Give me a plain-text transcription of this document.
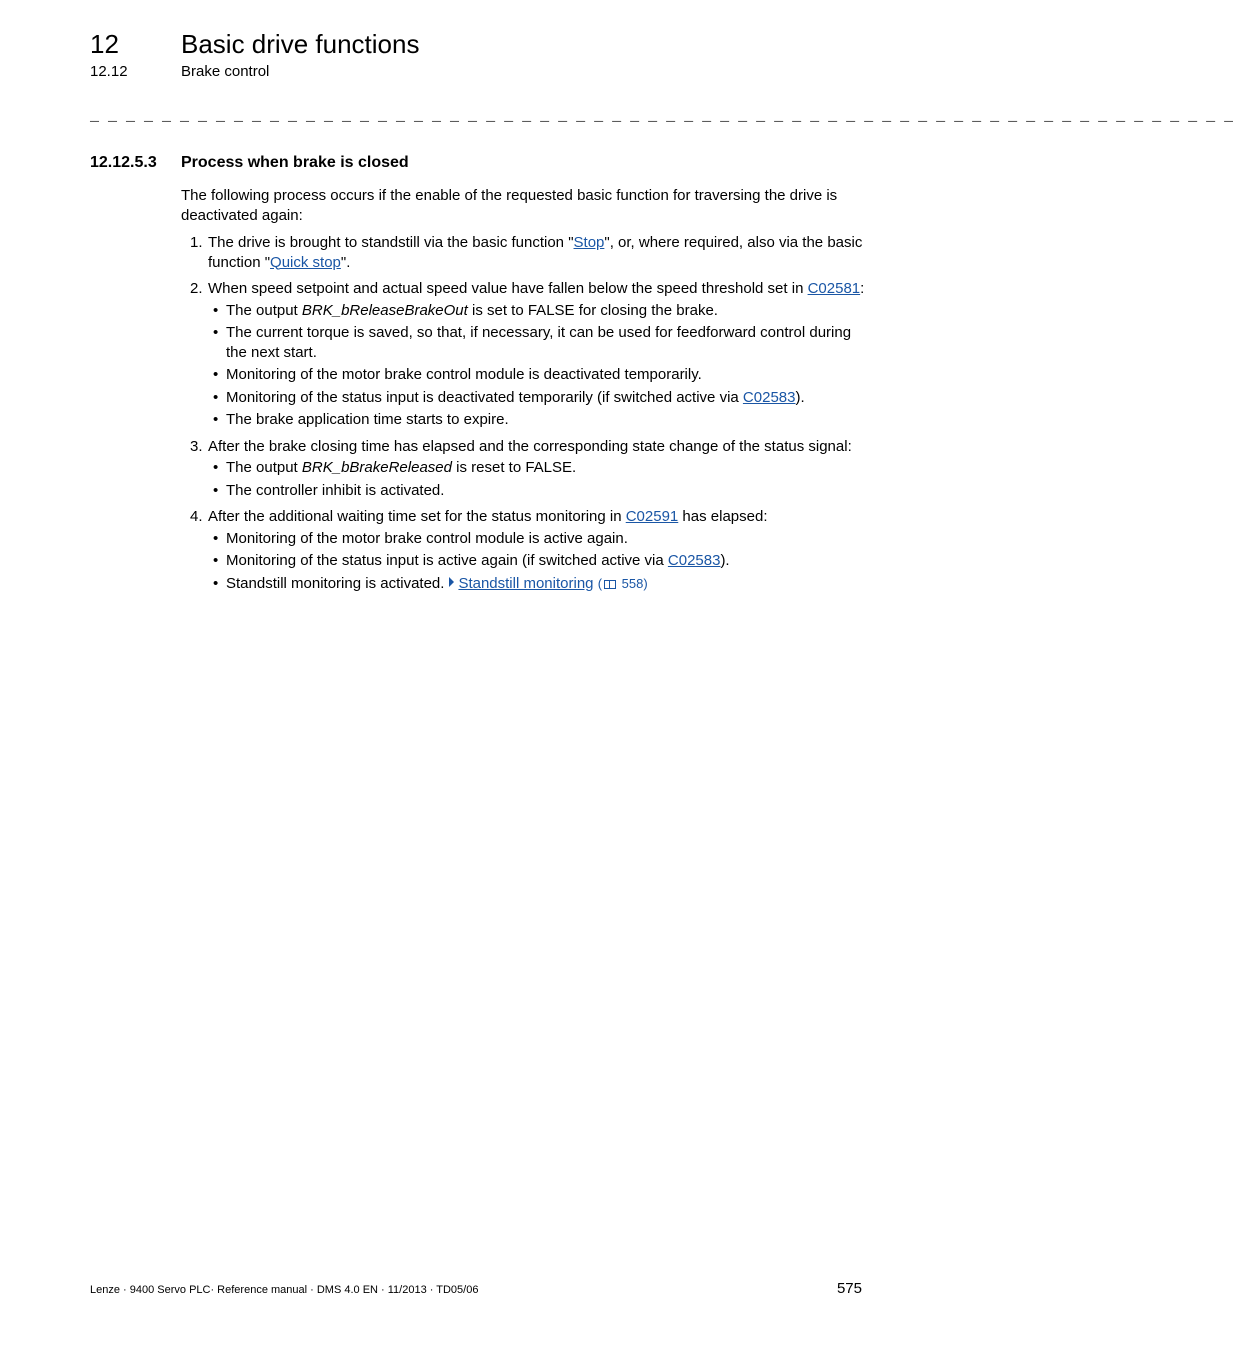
12 Basic drive functions
12.12	Brake control
_ _ _ _ _ _ _ _ _ _ _ _ _ _ _ _ _ _ _ _ _ _ _ _ _ _ _ _ _ _ _ _ _ _ _ _ _ _ _ _ _ _ _ _ _ _ _ _ _ _ _ _ _ _ _ _ _ _ _ _ _ _ _ _
12.12.5.3 Process when brake is closed

The following process occurs if the enable of the requested basic function for traversing the drive is deactivated again:

1. The drive is brought to standstill via the basic function "Stop", or, where required, also via the basic function "Quick stop".
2. When speed setpoint and actual speed value have fallen below the speed threshold set in C02581:
• The output BRK_bReleaseBrakeOut is set to FALSE for closing the brake.
• The current torque is saved, so that, if necessary, it can be used for feedforward control during the next start.
• Monitoring of the motor brake control module is deactivated temporarily.
• Monitoring of the status input is deactivated temporarily (if switched active via C02583).
• The brake application time starts to expire.
3. After the brake closing time has elapsed and the corresponding state change of the status signal:
• The output BRK_bBrakeReleased is reset to FALSE.
• The controller inhibit is activated.
4. After the additional waiting time set for the status monitoring in C02591 has elapsed:
• Monitoring of the motor brake control module is active again.
• Monitoring of the status input is active again (if switched active via C02583).
• Standstill monitoring is activated. Standstill monitoring ( 558)
Lenze · 9400 Servo PLC· Reference manual · DMS 4.0 EN · 11/2013 · TD05/06	575
